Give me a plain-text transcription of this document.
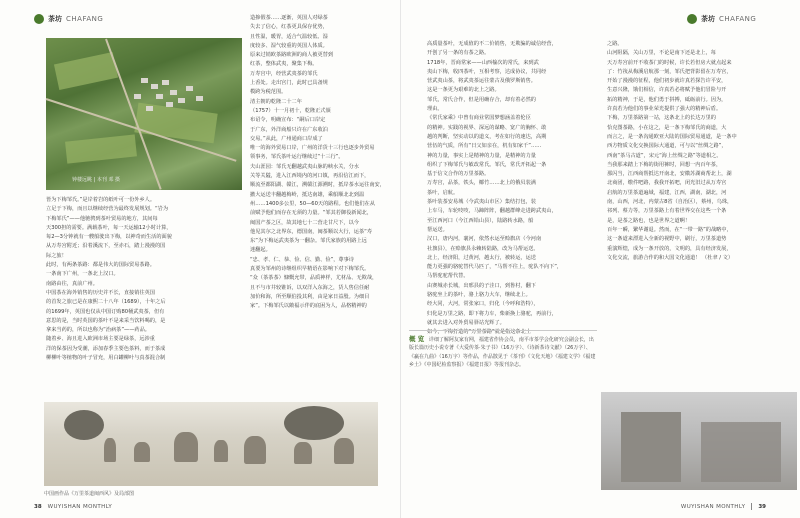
茶坊 CHAFANG
钟楼远眺 | 本刊 邓 摄
皆为下梅邹氏。”是岸着岩的纸叶可一份外乡人。
立足于下梅，而且以继续经营为最终发展规划。“岩为
下梅邹氏”——他驰骋到茶叶贸易的地方，其间每
天300担的需要。满载茶叶，每一天运输12小时计算，
每2—3分钟就有一艘船驶出下梅，以神奇而生活的面貌
从万寿宫附近；沿着溪流下，至赤石，踏上漫漫的国
际之旅！
此时，有两条茶路：都是伟大的国际贸易茶路。
一条南下广州，一条北上汉口。
南路由往，真前广州。
中国茶在海外销售的历史并不长，直接销往英国
的首发之旅已是在康熙二十八年（1689），十年之后
的1699年，英国也仅从中国订购80桶武夷茶，但有
意思的是，当时英国的茶叶不是来采当饮料喝的，是
拿来当药的，所以也称为“治病茶”——药品。
随着乡、海且进入欧洲市场主要是绿茶，远涉重
洋的保茶因为受潮，添加春季主要色茶料，而于茶成
柳柳叶等植物的叶子冒充，用白罐柳叶与真茶混合制
造掺假茶……逐渐，英国人对绿茶
失去了信心，红茶更具保存优势，
且性温，暖胃，适合气温较低、湿
度较多、湿气较重的英国人体质。
原来过销欧茶路欧洲的商人被更替到
红茶，整体武夷，聚集下梅。
万寿宫中，经营武夷茶的邹氏
上香处。走出宫门，此时已具备规
模跨为税范围。
清主朝的乾隆二十二年
（1757）十一月初十，乾隆正式颁
布诏令，明确宣布：“嗣后口岸定
于广东，外洋商船只许在广东收泊
交易。”从此，广州通商口岸成了
唯一的海外贸易口岸，广州的洋货十三行也逐步外贸易
领事务，邹氏茶叶运行继续过“十三行”。
夫山涯园：邹氏无翻越武夷山脉的峡水关，分水
关等关隘，进入江西境内的河口镇，再沿信江而下，
顺流至都阳湖、赣江，溯赣江源溯时，抵岸茶水运往南安，
撤大运送丰翻越梅岭，抵达南雄，乘船顺北北到温
州……1400多公里，50—60天的路程。也们他们在从
前赋予他们而存在无须的力量。“邹其若御役新闻北，
闽国产茶之区，故其地七十二营走甘尺下，以今
他见其尔之北界东，德国南，闽茶顺以大行，运茶“寿
东”为下梅运武夷茶为一翻杂。邹氏家族的用路上远
迷翻起。
“忠、孝、仁、恭、俭、信、勤、俭”，尊事诗
真要为邹州的诗继组织早精语在影响下对下梅邹氏。
“众（茶茶茶）慷慨允带，品质神样，尤材品、无欺哉，
且不与市井较锥诉，以双洋入东海之，货人售信任耐
加价和海，所至顺伯投其利，由是家日益殷。为细目
家”。下梅邹氏以敞福示伴的底困为人，品格精神的
中国画作品《万里茶道闽西风》及局部图
38 WUYISHAN MONTHLY
茶坊 CHAFANG
高质量茶叶，无成值的不二价销售，无欺骗的诚信经营，
开创了另一条的有茶之路。
1718年，晋商常家——山西榆次的常氏，来到武
夷山下梅，收四茶叶，互相考察，达成协议，共同经
营武夷山茶，将武夷茶运往蒙古及俄罗斯销售。
这是一条更为艰难的北上之路。
邹氏，常氏合作，但是用确存合，却有着必然的
理由。
《常氏家乘》中曾有商业常国梦想涵盖着伦臣
的精神。实践的视界、深远的谋略、宽广的胸怀、敢
越的判断，坚实动以的道义，考在如行的速达，高期
营伍的气质，所有“日父如亲在，机有如家千”……
神的力量，事实上是精神的力量，是精神的力量
组织了下梅邹氏与敏改常氏。邹氏，常氏开拓起一条
基于信文合作的万里茶路。
万寿宫，品茶，铁头，椰竹……北上的俄贝装满
茶叶，启航。
茶叶装茶安易城（今武夷山市区）集结打包，装
上车马，车轮吱吱，马蹄阵阵，翻越群峰走进跨武夷山，
至江西河口（今江西铅山县），陆路转水路，船
帮运送。
汉口，唐内河，襄河，依然水运至赊旗店（今河南
社旗县），在赊旗县永赖转陆路，改为马帮运送。
北上，经济阳，过黄河，越太行，被转运，运送
能力更强的骆驼替代马匹了，“马帮不往上，驼队不向下”，
马帮驼驼帮代替。
由赛城赤长城，出邢县的子洼口，到鲁村，翻下
骆驼坐上的茶叶，骆上骆力大车，继续北上。
经大同，大河，常张家口，归化（今呼和浩特），
归化是万里之路，即下将力车，柴新换上骆驼，再前行，
就其去进入对外贸易驿站光辉了。
如今，下梅打造的“万里茶路”就是指这条北上
之路。
山河阻隔，关山万里，不论是南下还是北上，每
天万寿宫前开不收茶门的时候，许长若但房大就点起来
了：竹筏从梅溪启航那一刻，邹氏把背影留在万寿宫，
开始了漫漫的征程，他们初步就许真若探告许平安，
生意兴隆，饿们相信，许真若必将赋予他们冒险与开
拓的精神，于是，他们勇于拼搏，砥砺前行。因为，
许真若为他们的事业荣光提供了强大的精神后盾。
下梅，万里茶路第一站，这条北上的长达万里的
恰克图茶路，小在这之，是一条下梅邹氏的商道，大
而言之，是一条沟通欧亚大陆的国际贸易通道，是一条中
西方物质文化交换国际大通道，可与以“丝绸之路”，
西南“茶马古道”，宋元“海上丝绸之路”等道相之。
当我那来踏上下梅的街用裤时，回想一内百年茶，
那闪当，江西商帮抵达开南北，安徽苏湖商帮北上，湖
北商团，缴件吧路，我我开拓吧，闭光旧过从万寿宫
启航的万里茶道遍域，福建，江西，湖南，湖北，河
南，山西，河北，内蒙古8省（自治区），蔡州，乌珠，
祁列、蔡力等，万里茶路上有着世界交在这些一个条
是，是茶之路也，也是世界之道啊！
百年一瞬，繁华谢退。然而，在“一带一路”的战略中，
这一条道来漂进入全新的视野中，刷行，万里茶道势
重演辉煌，成为一条开放的，文明的，具有经济发展，
文化交流，旅游合作的和大国文化通道！ （杜聿 / 文）
概 览 详细了解阿友家有网，福建省作协会员，南平市茶学会化研究会副会长，出版长篇历史小说专著《大爱传茶·朱子书》（16万字）、《诗新茶诗文献》（26万字）、《赢在九曲》（16万字）等作品，作品散见于《茶刊》《文化天地》《福建文学》《福建乡土》《中国纪检监察报》《福建日报》等报刊杂志。
WUYISHAN MONTHLY 39
